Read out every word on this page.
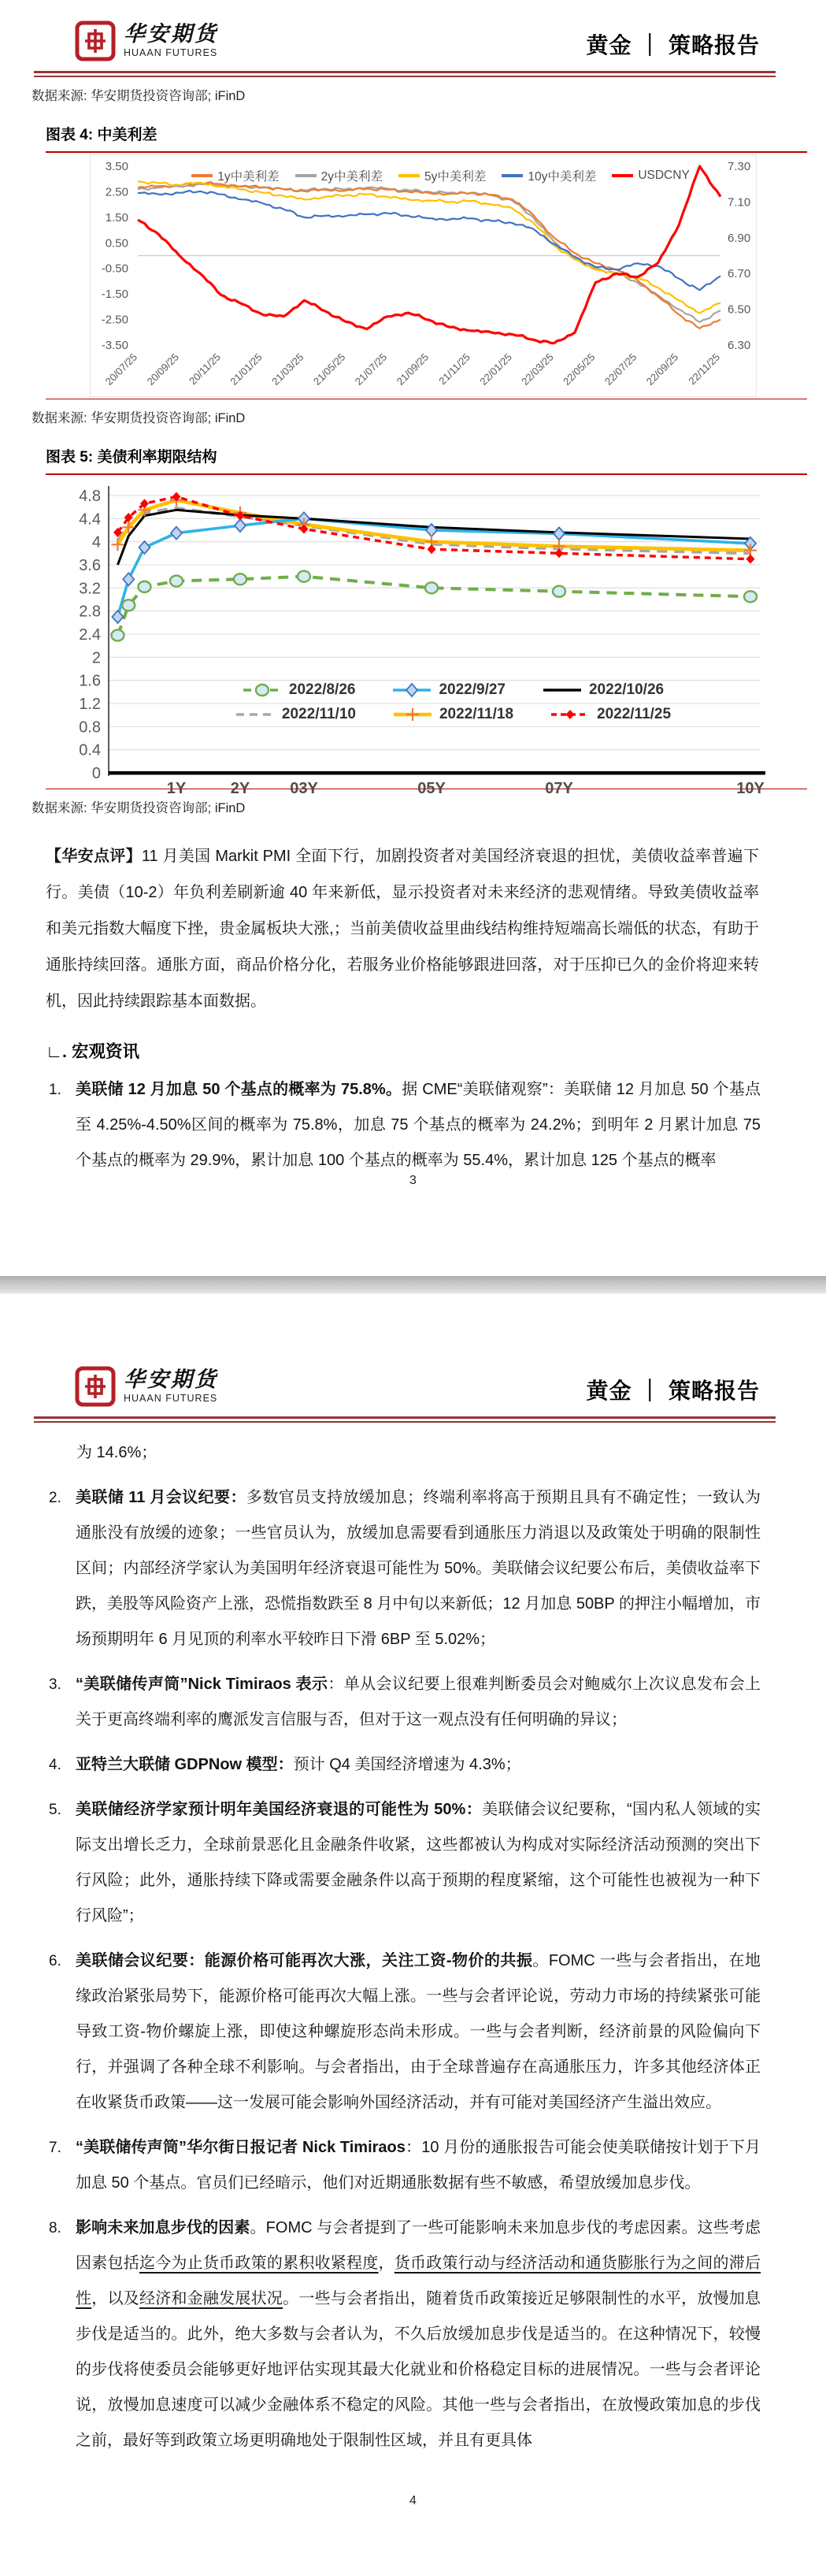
华安期货
HUAAN FUTURES	黄金 ｜ 策略报告
数据来源: 华安期货投资咨询部; iFinD
图表 4: 中美利差
1y中美利差	2y中美利差	5y中美利差	10y中美利差	USDCNY
3.50
2.50
1.50
0.50
-0.50
-1.50
-2.50
-3.50
7.30
7.10
6.90
6.70
6.50
6.30
20/07/25 20/09/25 20/11/25 21/01/25 21/03/25 21/05/25 21/07/25 21/09/25 21/11/25 22/01/25 22/03/25 22/05/25 22/07/25 22/09/25 22/11/25
数据来源: 华安期货投资咨询部; iFinD
图表 5: 美债利率期限结构
4.8
4.4
4
3.6
3.2
2.8
2.4
2
1.6
1.2
0.8
0.4
0
1Y	2Y	03Y	05Y	07Y	10Y
2022/8/26	2022/9/27	2022/10/26
2022/11/10	2022/11/18	2022/11/25
数据来源: 华安期货投资咨询部; iFinD
【华安点评】11 月美国 Markit PMI 全面下行，加剧投资者对美国经济衰退的担忧，美债收益率普遍下行。美债（10-2）年负利差刷新逾 40 年来新低，显示投资者对未来经济的悲观情绪。导致美债收益率和美元指数大幅度下挫，贵金属板块大涨,；当前美债收益里曲线结构维持短端高长端低的状态，有助于通胀持续回落。通胀方面，商品价格分化，若服务业价格能够跟进回落，对于压抑已久的金价将迎来转机，因此持续跟踪基本面数据。
∟. 宏观资讯
1. 美联储 12 月加息 50 个基点的概率为 75.8%。据 CME“美联储观察”：美联储 12 月加息 50 个基点至 4.25%-4.50%区间的概率为 75.8%，加息 75 个基点的概率为 24.2%；到明年 2 月累计加息 75 个基点的概率为 29.9%，累计加息 100 个基点的概率为 55.4%，累计加息 125 个基点的概率
3
华安期货
HUAAN FUTURES	黄金 ｜ 策略报告
为 14.6%；
2. 美联储 11 月会议纪要：多数官员支持放缓加息；终端利率将高于预期且具有不确定性；一致认为通胀没有放缓的迹象；一些官员认为，放缓加息需要看到通胀压力消退以及政策处于明确的限制性区间；内部经济学家认为美国明年经济衰退可能性为 50%。美联储会议纪要公布后，美债收益率下跌，美股等风险资产上涨，恐慌指数跌至 8 月中旬以来新低；12 月加息 50BP 的押注小幅增加，市场预期明年 6 月见顶的利率水平较昨日下滑 6BP 至 5.02%；
3. “美联储传声筒”Nick Timiraos 表示：单从会议纪要上很难判断委员会对鲍威尔上次议息发布会上关于更高终端利率的鹰派发言信服与否，但对于这一观点没有任何明确的异议；
4. 亚特兰大联储 GDPNow 模型：预计 Q4 美国经济增速为 4.3%；
5. 美联储经济学家预计明年美国经济衰退的可能性为 50%：美联储会议纪要称，“国内私人领域的实际支出增长乏力，全球前景恶化且金融条件收紧，这些都被认为构成对实际经济活动预测的突出下行风险；此外，通胀持续下降或需要金融条件以高于预期的程度紧缩，这个可能性也被视为一种下行风险”；
6. 美联储会议纪要：能源价格可能再次大涨，关注工资-物价的共振。FOMC 一些与会者指出，在地缘政治紧张局势下，能源价格可能再次大幅上涨。一些与会者评论说，劳动力市场的持续紧张可能导致工资-物价螺旋上涨，即使这种螺旋形态尚未形成。一些与会者判断，经济前景的风险偏向下行，并强调了各种全球不利影响。与会者指出，由于全球普遍存在高通胀压力，许多其他经济体正在收紧货币政策——这一发展可能会影响外国经济活动，并有可能对美国经济产生溢出效应。
7. “美联储传声筒”华尔街日报记者 Nick Timiraos：10 月份的通胀报告可能会使美联储按计划于下月加息 50 个基点。官员们已经暗示，他们对近期通胀数据有些不敏感，希望放缓加息步伐。
8. 影响未来加息步伐的因素。FOMC 与会者提到了一些可能影响未来加息步伐的考虑因素。这些考虑因素包括迄今为止货币政策的累积收紧程度，货币政策行动与经济活动和通货膨胀行为之间的滞后性，以及经济和金融发展状况。一些与会者指出，随着货币政策接近足够限制性的水平，放慢加息步伐是适当的。此外，绝大多数与会者认为，不久后放缓加息步伐是适当的。在这种情况下，较慢的步伐将使委员会能够更好地评估实现其最大化就业和价格稳定目标的进展情况。一些与会者评论说，放慢加息速度可以减少金融体系不稳定的风险。其他一些与会者指出，在放慢政策加息的步伐之前，最好等到政策立场更明确地处于限制性区域，并且有更具体
4
